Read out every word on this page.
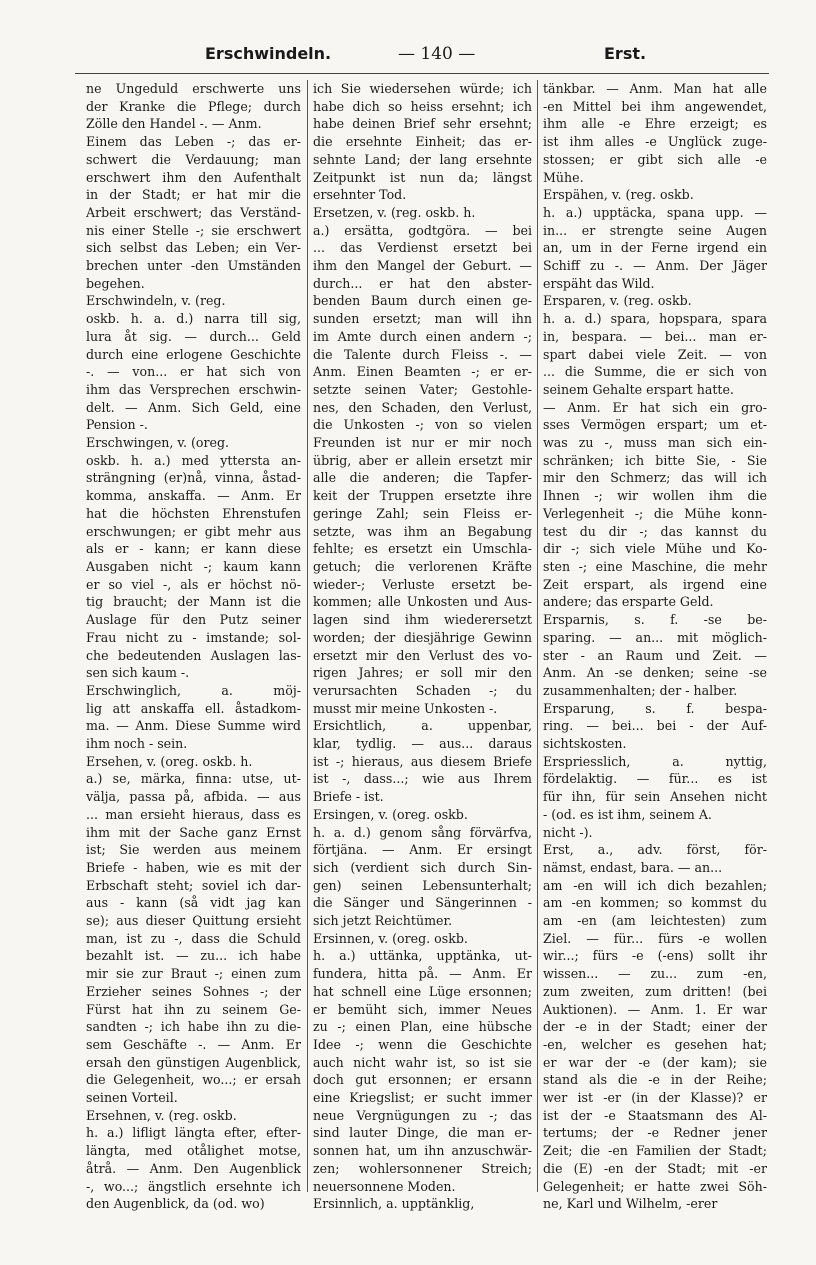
Erschwindeln.	— 140 —	Erst.
ne Ungeduld erschwerte uns
der Kranke die Pflege; durch
Zölle den Handel -. — Anm.
Einem das Leben -; das er-
schwert die Verdauung; man
erschwert ihm den Aufenthalt
in der Stadt; er hat mir die
Arbeit erschwert; das Verständ-
nis einer Stelle -; sie erschwert
sich selbst das Leben; ein Ver-
brechen unter -den Umständen
begehen.
Erschwindeln, v. (reg.
oskb. h. a. d.) narra till sig,
lura åt sig. — durch... Geld
durch eine erlogene Geschichte
-. — von... er hat sich von
ihm das Versprechen erschwin-
delt. — Anm. Sich Geld, eine
Pension -.
Erschwingen, v. (oreg.
oskb. h. a.) med yttersta an-
strängning (er)nå, vinna, åstad-
komma, anskaffa. — Anm. Er
hat die höchsten Ehrenstufen
erschwungen; er gibt mehr aus
als er - kann; er kann diese
Ausgaben nicht -; kaum kann
er so viel -, als er höchst nö-
tig braucht; der Mann ist die
Auslage für den Putz seiner
Frau nicht zu - imstande; sol-
che bedeutenden Auslagen las-
sen sich kaum -.
Erschwinglich, a. möj-
lig att anskaffa ell. åstadkom-
ma. — Anm. Diese Summe wird
ihm noch - sein.
Ersehen, v. (oreg. oskb. h.
a.) se, märka, finna: utse, ut-
välja, passa på, afbida. — aus
... man ersieht hieraus, dass es
ihm mit der Sache ganz Ernst
ist; Sie werden aus meinem
Briefe - haben, wie es mit der
Erbschaft steht; soviel ich dar-
aus - kann (så vidt jag kan
se); aus dieser Quittung ersieht
man, ist zu -, dass die Schuld
bezahlt ist. — zu... ich habe
mir sie zur Braut -; einen zum
Erzieher seines Sohnes -; der
Fürst hat ihn zu seinem Ge-
sandten -; ich habe ihn zu die-
sem Geschäfte -. — Anm. Er
ersah den günstigen Augenblick,
die Gelegenheit, wo...; er ersah
seinen Vorteil.
Ersehnen, v. (reg. oskb.
h. a.) lifligt längta efter, efter-
längta, med otålighet motse,
åtrå. — Anm. Den Augenblick
-, wo...; ängstlich ersehnte ich
den Augenblick, da (od. wo)
ich Sie wiedersehen würde; ich
habe dich so heiss ersehnt; ich
habe deinen Brief sehr ersehnt;
die ersehnte Einheit; das er-
sehnte Land; der lang ersehnte
Zeitpunkt ist nun da; längst
ersehnter Tod.
Ersetzen, v. (reg. oskb. h.
a.) ersätta, godtgöra. — bei
... das Verdienst ersetzt bei
ihm den Mangel der Geburt. —
durch... er hat den abster-
benden Baum durch einen ge-
sunden ersetzt; man will ihn
im Amte durch einen andern -;
die Talente durch Fleiss -. —
Anm. Einen Beamten -; er er-
setzte seinen Vater; Gestohle-
nes, den Schaden, den Verlust,
die Unkosten -; von so vielen
Freunden ist nur er mir noch
übrig, aber er allein ersetzt mir
alle die anderen; die Tapfer-
keit der Truppen ersetzte ihre
geringe Zahl; sein Fleiss er-
setzte, was ihm an Begabung
fehlte; es ersetzt ein Umschla-
getuch; die verlorenen Kräfte
wieder-; Verluste ersetzt be-
kommen; alle Unkosten und Aus-
lagen sind ihm wiederersetzt
worden; der diesjährige Gewinn
ersetzt mir den Verlust des vo-
rigen Jahres; er soll mir den
verursachten Schaden -; du
musst mir meine Unkosten -.
Ersichtlich, a. uppenbar,
klar, tydlig. — aus... daraus
ist -; hieraus, aus diesem Briefe
ist -, dass...; wie aus Ihrem
Briefe - ist.
Ersingen, v. (oreg. oskb.
h. a. d.) genom sång förvärfva,
förtjäna. — Anm. Er ersingt
sich (verdient sich durch Sin-
gen) seinen Lebensunterhalt;
die Sänger und Sängerinnen -
sich jetzt Reichtümer.
Ersinnen, v. (oreg. oskb.
h. a.) uttänka, upptänka, ut-
fundera, hitta på. — Anm. Er
hat schnell eine Lüge ersonnen;
er bemüht sich, immer Neues
zu -; einen Plan, eine hübsche
Idee -; wenn die Geschichte
auch nicht wahr ist, so ist sie
doch gut ersonnen; er ersann
eine Kriegslist; er sucht immer
neue Vergnügungen zu -; das
sind lauter Dinge, die man er-
sonnen hat, um ihn anzuschwär-
zen; wohlersonnener Streich;
neuersonnene Moden.
Ersinnlich, a. upptänklig,
tänkbar. — Anm. Man hat alle
-en Mittel bei ihm angewendet,
ihm alle -e Ehre erzeigt; es
ist ihm alles -e Unglück zuge-
stossen; er gibt sich alle -e
Mühe.
Erspähen, v. (reg. oskb.
h. a.) upptäcka, spana upp. —
in... er strengte seine Augen
an, um in der Ferne irgend ein
Schiff zu -. — Anm. Der Jäger
erspäht das Wild.
Ersparen, v. (reg. oskb.
h. a. d.) spara, hopspara, spara
in, bespara. — bei... man er-
spart dabei viele Zeit. — von
... die Summe, die er sich von
seinem Gehalte erspart hatte.
— Anm. Er hat sich ein gro-
sses Vermögen erspart; um et-
was zu -, muss man sich ein-
schränken; ich bitte Sie, - Sie
mir den Schmerz; das will ich
Ihnen -; wir wollen ihm die
Verlegenheit -; die Mühe konn-
test du dir -; das kannst du
dir -; sich viele Mühe und Ko-
sten -; eine Maschine, die mehr
Zeit erspart, als irgend eine
andere; das ersparte Geld.
Ersparnis, s. f. -se be-
sparing. — an... mit möglich-
ster - an Raum und Zeit. —
Anm. An -se denken; seine -se
zusammenhalten; der - halber.
Ersparung, s. f. bespa-
ring. — bei... bei - der Auf-
sichtskosten.
Erspriesslich, a. nyttig,
fördelaktig. — für... es ist
für ihn, für sein Ansehen nicht
- (od. es ist ihm, seinem A.
nicht -).
Erst, a., adv. först, för-
nämst, endast, bara. — an...
am -en will ich dich bezahlen;
am -en kommen; so kommst du
am -en (am leichtesten) zum
Ziel. — für... fürs -e wollen
wir...; fürs -e (-ens) sollt ihr
wissen... — zu... zum -en,
zum zweiten, zum dritten! (bei
Auktionen). — Anm. 1. Er war
der -e in der Stadt; einer der
-en, welcher es gesehen hat;
er war der -e (der kam); sie
stand als die -e in der Reihe;
wer ist -er (in der Klasse)? er
ist der -e Staatsmann des Al-
tertums; der -e Redner jener
Zeit; die -en Familien der Stadt;
die (E) -en der Stadt; mit -er
Gelegenheit; er hatte zwei Söh-
ne, Karl und Wilhelm, -erer
